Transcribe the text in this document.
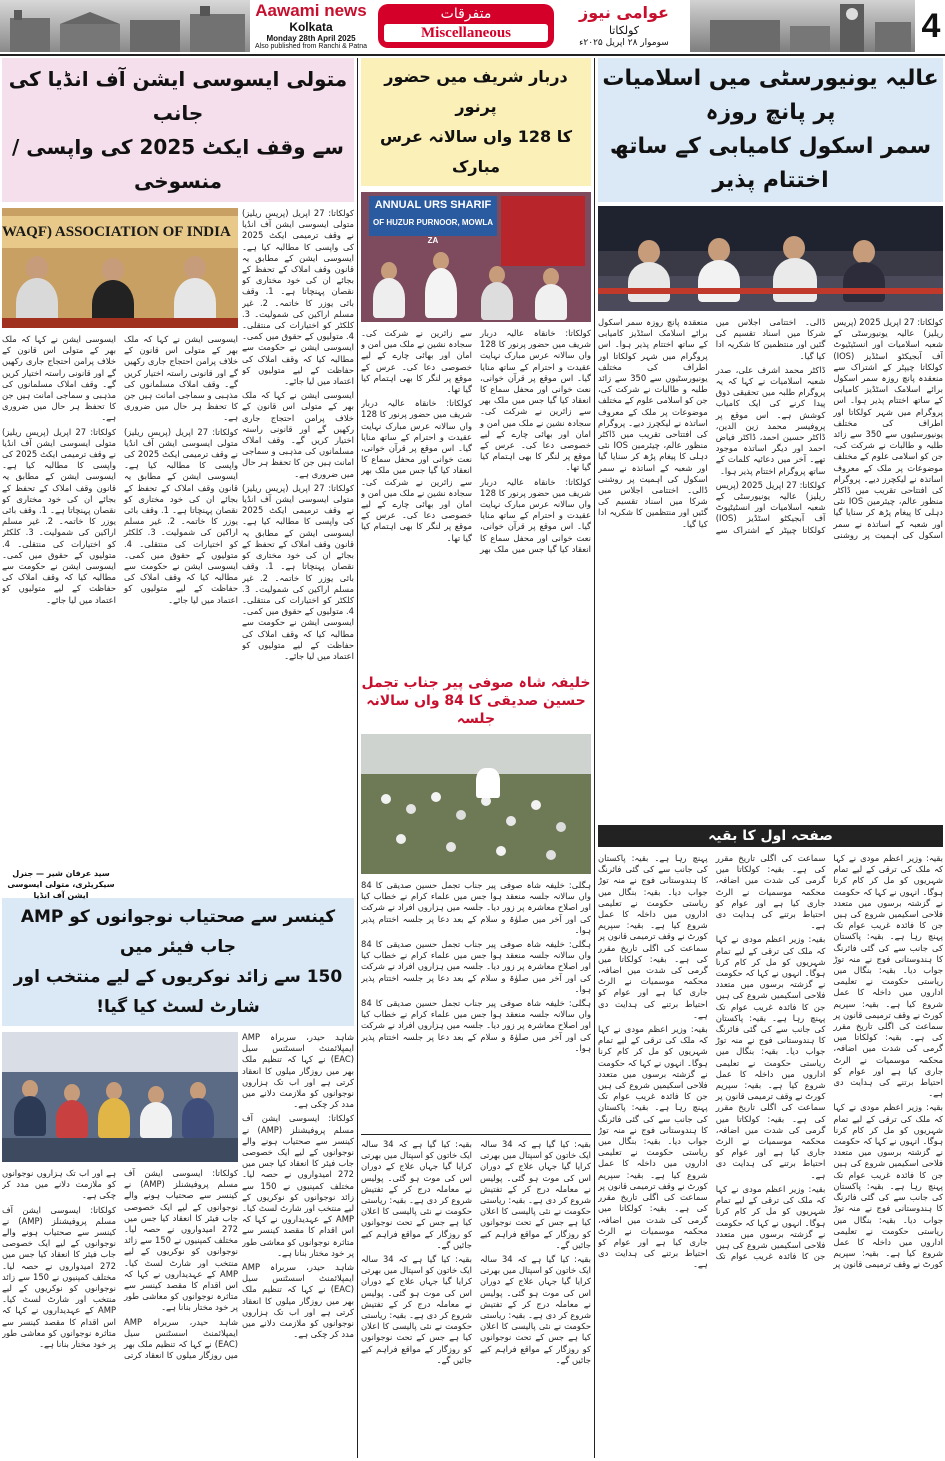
Aawami news
Kolkata
Monday 28th April 2025
Also published from Ranchi & Patna
متفرقات
Miscellaneous
عوامی نیوز
کولکاتا
سوموار ۲۸ اپریل ۲۰۲۵ء	4
عالیہ یونیورسٹی میں اسلامیات پر پانچ روزہ
سمر اسکول کامیابی کے ساتھ اختتام پذیر

کولکاتا: 27 اپریل 2025 (پریس ریلیز) عالیہ یونیورسٹی کے شعبہ اسلامیات اور انسٹیٹیوٹ آف آبجیکٹو اسٹڈیز (IOS) کولکاتا چیپٹر کے اشتراک سے منعقدہ پانچ روزہ سمر اسکول برائے اسلامک اسٹڈیز کامیابی کے ساتھ اختتام پذیر ہوا۔ اس پروگرام میں شہر کولکاتا اور اطراف کی مختلف یونیورسٹیوں سے 350 سے زائد طلبہ و طالبات نے شرکت کی، جن کو اسلامی علوم کے مختلف موضوعات پر ملک کے معروف اساتذہ نے لیکچرز دیے۔ پروگرام کی افتتاحی تقریب میں ڈاکٹر منظور عالم، چیئرمین IOS نئی دہلی کا پیغام پڑھ کر سنایا گیا اور شعبہ کے اساتذہ نے سمر اسکول کی اہمیت پر روشنی ڈالی۔ اختتامی اجلاس میں شرکا میں اسناد تقسیم کی گئیں اور منتظمین کا شکریہ ادا کیا گیا۔

ڈاکٹر محمد اشرف علی، صدر شعبہ اسلامیات نے کہا کہ یہ پروگرام طلبہ میں تحقیقی ذوق پیدا کرنے کی ایک کامیاب کوشش ہے۔ اس موقع پر پروفیسر محمد زین الدین، ڈاکٹر حسین احمد، ڈاکٹر فیاض احمد اور دیگر اساتذہ موجود تھے۔ آخر میں دعائیہ کلمات کے ساتھ پروگرام اختتام پذیر ہوا۔

کولکاتا: 27 اپریل 2025 (پریس ریلیز) عالیہ یونیورسٹی کے شعبہ اسلامیات اور انسٹیٹیوٹ آف آبجیکٹو اسٹڈیز (IOS) کولکاتا چیپٹر کے اشتراک سے منعقدہ پانچ روزہ سمر اسکول برائے اسلامک اسٹڈیز کامیابی کے ساتھ اختتام پذیر ہوا۔ اس پروگرام میں شہر کولکاتا اور اطراف کی مختلف یونیورسٹیوں سے 350 سے زائد طلبہ و طالبات نے شرکت کی، جن کو اسلامی علوم کے مختلف موضوعات پر ملک کے معروف اساتذہ نے لیکچرز دیے۔ پروگرام کی افتتاحی تقریب میں ڈاکٹر منظور عالم، چیئرمین IOS نئی دہلی کا پیغام پڑھ کر سنایا گیا اور شعبہ کے اساتذہ نے سمر اسکول کی اہمیت پر روشنی ڈالی۔ اختتامی اجلاس میں شرکا میں اسناد تقسیم کی گئیں اور منتظمین کا شکریہ ادا کیا گیا۔

صفحہ اول کا بقیہ

بقیہ: وزیر اعظم مودی نے کہا کہ ملک کی ترقی کے لیے تمام شہریوں کو مل کر کام کرنا ہوگا۔ انہوں نے کہا کہ حکومت نے گزشتہ برسوں میں متعدد فلاحی اسکیمیں شروع کی ہیں جن کا فائدہ غریب عوام تک پہنچ رہا ہے۔ بقیہ: پاکستان کی جانب سے کی گئی فائرنگ کا ہندوستانی فوج نے منہ توڑ جواب دیا۔ بقیہ: بنگال میں ریاستی حکومت نے تعلیمی اداروں میں داخلہ کا عمل شروع کیا ہے۔ بقیہ: سپریم کورٹ نے وقف ترمیمی قانون پر سماعت کی اگلی تاریخ مقرر کی ہے۔ بقیہ: کولکاتا میں گرمی کی شدت میں اضافہ، محکمہ موسمیات نے الرٹ جاری کیا ہے اور عوام کو احتیاط برتنے کی ہدایت دی ہے۔

بقیہ: وزیر اعظم مودی نے کہا کہ ملک کی ترقی کے لیے تمام شہریوں کو مل کر کام کرنا ہوگا۔ انہوں نے کہا کہ حکومت نے گزشتہ برسوں میں متعدد فلاحی اسکیمیں شروع کی ہیں جن کا فائدہ غریب عوام تک پہنچ رہا ہے۔ بقیہ: پاکستان کی جانب سے کی گئی فائرنگ کا ہندوستانی فوج نے منہ توڑ جواب دیا۔ بقیہ: بنگال میں ریاستی حکومت نے تعلیمی اداروں میں داخلہ کا عمل شروع کیا ہے۔ بقیہ: سپریم کورٹ نے وقف ترمیمی قانون پر سماعت کی اگلی تاریخ مقرر کی ہے۔ بقیہ: کولکاتا میں گرمی کی شدت میں اضافہ، محکمہ موسمیات نے الرٹ جاری کیا ہے اور عوام کو احتیاط برتنے کی ہدایت دی ہے۔

بقیہ: وزیر اعظم مودی نے کہا کہ ملک کی ترقی کے لیے تمام شہریوں کو مل کر کام کرنا ہوگا۔ انہوں نے کہا کہ حکومت نے گزشتہ برسوں میں متعدد فلاحی اسکیمیں شروع کی ہیں جن کا فائدہ غریب عوام تک پہنچ رہا ہے۔ بقیہ: پاکستان کی جانب سے کی گئی فائرنگ کا ہندوستانی فوج نے منہ توڑ جواب دیا۔ بقیہ: بنگال میں ریاستی حکومت نے تعلیمی اداروں میں داخلہ کا عمل شروع کیا ہے۔ بقیہ: سپریم کورٹ نے وقف ترمیمی قانون پر سماعت کی اگلی تاریخ مقرر کی ہے۔ بقیہ: کولکاتا میں گرمی کی شدت میں اضافہ، محکمہ موسمیات نے الرٹ جاری کیا ہے اور عوام کو احتیاط برتنے کی ہدایت دی ہے۔

بقیہ: وزیر اعظم مودی نے کہا کہ ملک کی ترقی کے لیے تمام شہریوں کو مل کر کام کرنا ہوگا۔ انہوں نے کہا کہ حکومت نے گزشتہ برسوں میں متعدد فلاحی اسکیمیں شروع کی ہیں جن کا فائدہ غریب عوام تک پہنچ رہا ہے۔ بقیہ: پاکستان کی جانب سے کی گئی فائرنگ کا ہندوستانی فوج نے منہ توڑ جواب دیا۔ بقیہ: بنگال میں ریاستی حکومت نے تعلیمی اداروں میں داخلہ کا عمل شروع کیا ہے۔ بقیہ: سپریم کورٹ نے وقف ترمیمی قانون پر سماعت کی اگلی تاریخ مقرر کی ہے۔ بقیہ: کولکاتا میں گرمی کی شدت میں اضافہ، محکمہ موسمیات نے الرٹ جاری کیا ہے اور عوام کو احتیاط برتنے کی ہدایت دی ہے۔

بقیہ: وزیر اعظم مودی نے کہا کہ ملک کی ترقی کے لیے تمام شہریوں کو مل کر کام کرنا ہوگا۔ انہوں نے کہا کہ حکومت نے گزشتہ برسوں میں متعدد فلاحی اسکیمیں شروع کی ہیں جن کا فائدہ غریب عوام تک پہنچ رہا ہے۔ بقیہ: پاکستان کی جانب سے کی گئی فائرنگ کا ہندوستانی فوج نے منہ توڑ جواب دیا۔ بقیہ: بنگال میں ریاستی حکومت نے تعلیمی اداروں میں داخلہ کا عمل شروع کیا ہے۔ بقیہ: سپریم کورٹ نے وقف ترمیمی قانون پر سماعت کی اگلی تاریخ مقرر کی ہے۔ بقیہ: کولکاتا میں گرمی کی شدت میں اضافہ، محکمہ موسمیات نے الرٹ جاری کیا ہے اور عوام کو احتیاط برتنے کی ہدایت دی ہے۔

دربار شریف میں حضور پرنور
کا 128 واں سالانہ عرس مبارک
ANNUAL URS SHARIF
OF HUZUR PURNOOR, MOWLA ZA

کولکاتا: خانقاہ عالیہ دربار شریف میں حضور پرنور کا 128 واں سالانہ عرس مبارک نہایت عقیدت و احترام کے ساتھ منایا گیا۔ اس موقع پر قرآن خوانی، نعت خوانی اور محفل سماع کا انعقاد کیا گیا جس میں ملک بھر سے زائرین نے شرکت کی۔ سجادہ نشین نے ملک میں امن و امان اور بھائی چارے کے لیے خصوصی دعا کی۔ عرس کے موقع پر لنگر کا بھی اہتمام کیا گیا تھا۔

کولکاتا: خانقاہ عالیہ دربار شریف میں حضور پرنور کا 128 واں سالانہ عرس مبارک نہایت عقیدت و احترام کے ساتھ منایا گیا۔ اس موقع پر قرآن خوانی، نعت خوانی اور محفل سماع کا انعقاد کیا گیا جس میں ملک بھر سے زائرین نے شرکت کی۔ سجادہ نشین نے ملک میں امن و امان اور بھائی چارے کے لیے خصوصی دعا کی۔ عرس کے موقع پر لنگر کا بھی اہتمام کیا گیا تھا۔

کولکاتا: خانقاہ عالیہ دربار شریف میں حضور پرنور کا 128 واں سالانہ عرس مبارک نہایت عقیدت و احترام کے ساتھ منایا گیا۔ اس موقع پر قرآن خوانی، نعت خوانی اور محفل سماع کا انعقاد کیا گیا جس میں ملک بھر سے زائرین نے شرکت کی۔ سجادہ نشین نے ملک میں امن و امان اور بھائی چارے کے لیے خصوصی دعا کی۔ عرس کے موقع پر لنگر کا بھی اہتمام کیا گیا تھا۔

خلیفہ شاہ صوفی پیر جناب تجمل حسین صدیقی کا 84 واں سالانہ جلسہ

ہگلی: خلیفہ شاہ صوفی پیر جناب تجمل حسین صدیقی کا 84 واں سالانہ جلسہ منعقد ہوا جس میں علماء کرام نے خطاب کیا اور اصلاح معاشرہ پر زور دیا۔ جلسہ میں ہزاروں افراد نے شرکت کی اور آخر میں صلوٰۃ و سلام کے بعد دعا پر جلسہ اختتام پذیر ہوا۔

ہگلی: خلیفہ شاہ صوفی پیر جناب تجمل حسین صدیقی کا 84 واں سالانہ جلسہ منعقد ہوا جس میں علماء کرام نے خطاب کیا اور اصلاح معاشرہ پر زور دیا۔ جلسہ میں ہزاروں افراد نے شرکت کی اور آخر میں صلوٰۃ و سلام کے بعد دعا پر جلسہ اختتام پذیر ہوا۔

ہگلی: خلیفہ شاہ صوفی پیر جناب تجمل حسین صدیقی کا 84 واں سالانہ جلسہ منعقد ہوا جس میں علماء کرام نے خطاب کیا اور اصلاح معاشرہ پر زور دیا۔ جلسہ میں ہزاروں افراد نے شرکت کی اور آخر میں صلوٰۃ و سلام کے بعد دعا پر جلسہ اختتام پذیر ہوا۔

بقیہ: کیا گیا ہے کہ 34 سالہ ایک خاتون کو اسپتال میں بھرتی کرایا گیا جہاں علاج کے دوران اس کی موت ہو گئی۔ پولیس نے معاملہ درج کر کے تفتیش شروع کر دی ہے۔ بقیہ: ریاستی حکومت نے نئی پالیسی کا اعلان کیا ہے جس کے تحت نوجوانوں کو روزگار کے مواقع فراہم کیے جائیں گے۔

بقیہ: کیا گیا ہے کہ 34 سالہ ایک خاتون کو اسپتال میں بھرتی کرایا گیا جہاں علاج کے دوران اس کی موت ہو گئی۔ پولیس نے معاملہ درج کر کے تفتیش شروع کر دی ہے۔ بقیہ: ریاستی حکومت نے نئی پالیسی کا اعلان کیا ہے جس کے تحت نوجوانوں کو روزگار کے مواقع فراہم کیے جائیں گے۔

بقیہ: کیا گیا ہے کہ 34 سالہ ایک خاتون کو اسپتال میں بھرتی کرایا گیا جہاں علاج کے دوران اس کی موت ہو گئی۔ پولیس نے معاملہ درج کر کے تفتیش شروع کر دی ہے۔ بقیہ: ریاستی حکومت نے نئی پالیسی کا اعلان کیا ہے جس کے تحت نوجوانوں کو روزگار کے مواقع فراہم کیے جائیں گے۔

بقیہ: کیا گیا ہے کہ 34 سالہ ایک خاتون کو اسپتال میں بھرتی کرایا گیا جہاں علاج کے دوران اس کی موت ہو گئی۔ پولیس نے معاملہ درج کر کے تفتیش شروع کر دی ہے۔ بقیہ: ریاستی حکومت نے نئی پالیسی کا اعلان کیا ہے جس کے تحت نوجوانوں کو روزگار کے مواقع فراہم کیے جائیں گے۔

متولی ایسوسی ایشن آف انڈیا کی جانب
سے وقف ایکٹ 2025 کی واپسی / منسوخی
WAQF) ASSOCIATION OF INDIA

کولکاتا: 27 اپریل (پریس ریلیز) متولی ایسوسی ایشن آف انڈیا نے وقف ترمیمی ایکٹ 2025 کی واپسی کا مطالبہ کیا ہے۔ ایسوسی ایشن کے مطابق یہ قانون وقف املاک کے تحفظ کے بجائے ان کی خود مختاری کو نقصان پہنچاتا ہے۔ 1. وقف بائی یوزر کا خاتمہ۔ 2. غیر مسلم اراکین کی شمولیت۔ 3. کلکٹر کو اختیارات کی منتقلی۔ 4. متولیوں کے حقوق میں کمی۔ ایسوسی ایشن نے حکومت سے مطالبہ کیا کہ وقف املاک کی حفاظت کے لیے متولیوں کو اعتماد میں لیا جائے۔

ایسوسی ایشن نے کہا کہ ملک بھر کے متولی اس قانون کے خلاف پرامن احتجاج جاری رکھیں گے اور قانونی راستہ اختیار کریں گے۔ وقف املاک مسلمانوں کی مذہبی و سماجی امانت ہیں جن کا تحفظ ہر حال میں ضروری ہے۔

کولکاتا: 27 اپریل (پریس ریلیز) متولی ایسوسی ایشن آف انڈیا نے وقف ترمیمی ایکٹ 2025 کی واپسی کا مطالبہ کیا ہے۔ ایسوسی ایشن کے مطابق یہ قانون وقف املاک کے تحفظ کے بجائے ان کی خود مختاری کو نقصان پہنچاتا ہے۔ 1. وقف بائی یوزر کا خاتمہ۔ 2. غیر مسلم اراکین کی شمولیت۔ 3. کلکٹر کو اختیارات کی منتقلی۔ 4. متولیوں کے حقوق میں کمی۔ ایسوسی ایشن نے حکومت سے مطالبہ کیا کہ وقف املاک کی حفاظت کے لیے متولیوں کو اعتماد میں لیا جائے۔

ایسوسی ایشن نے کہا کہ ملک بھر کے متولی اس قانون کے خلاف پرامن احتجاج جاری رکھیں گے اور قانونی راستہ اختیار کریں گے۔ وقف املاک مسلمانوں کی مذہبی و سماجی امانت ہیں جن کا تحفظ ہر حال میں ضروری ہے۔

کولکاتا: 27 اپریل (پریس ریلیز) متولی ایسوسی ایشن آف انڈیا نے وقف ترمیمی ایکٹ 2025 کی واپسی کا مطالبہ کیا ہے۔ ایسوسی ایشن کے مطابق یہ قانون وقف املاک کے تحفظ کے بجائے ان کی خود مختاری کو نقصان پہنچاتا ہے۔ 1. وقف بائی یوزر کا خاتمہ۔ 2. غیر مسلم اراکین کی شمولیت۔ 3. کلکٹر کو اختیارات کی منتقلی۔ 4. متولیوں کے حقوق میں کمی۔ ایسوسی ایشن نے حکومت سے مطالبہ کیا کہ وقف املاک کی حفاظت کے لیے متولیوں کو اعتماد میں لیا جائے۔

ایسوسی ایشن نے کہا کہ ملک بھر کے متولی اس قانون کے خلاف پرامن احتجاج جاری رکھیں گے اور قانونی راستہ اختیار کریں گے۔ وقف املاک مسلمانوں کی مذہبی و سماجی امانت ہیں جن کا تحفظ ہر حال میں ضروری ہے۔

کولکاتا: 27 اپریل (پریس ریلیز) متولی ایسوسی ایشن آف انڈیا نے وقف ترمیمی ایکٹ 2025 کی واپسی کا مطالبہ کیا ہے۔ ایسوسی ایشن کے مطابق یہ قانون وقف املاک کے تحفظ کے بجائے ان کی خود مختاری کو نقصان پہنچاتا ہے۔ 1. وقف بائی یوزر کا خاتمہ۔ 2. غیر مسلم اراکین کی شمولیت۔ 3. کلکٹر کو اختیارات کی منتقلی۔ 4. متولیوں کے حقوق میں کمی۔ ایسوسی ایشن نے حکومت سے مطالبہ کیا کہ وقف املاک کی حفاظت کے لیے متولیوں کو اعتماد میں لیا جائے۔

سید عرفان شیر — جنرل سیکریٹری، متولی ایسوسی ایشن آف انڈیا
کینسر سے صحتیاب نوجوانوں کو AMP جاب فیئر میں
150 سے زائد نوکریوں کے لیے منتخب اور شارٹ لسٹ کیا گیا!

شاہد حیدر، سربراہ AMP ایمپلائمنٹ اسسٹنس سیل (EAC) نے کہا کہ تنظیم ملک بھر میں روزگار میلوں کا انعقاد کرتی ہے اور اب تک ہزاروں نوجوانوں کو ملازمت دلانے میں مدد کر چکی ہے۔

کولکاتا: ایسوسی ایشن آف مسلم پروفیشنلز (AMP) نے کینسر سے صحتیاب ہونے والے نوجوانوں کے لیے ایک خصوصی جاب فیئر کا انعقاد کیا جس میں 272 امیدواروں نے حصہ لیا۔ مختلف کمپنیوں نے 150 سے زائد نوجوانوں کو نوکریوں کے لیے منتخب اور شارٹ لسٹ کیا۔ AMP کے عہدیداروں نے کہا کہ اس اقدام کا مقصد کینسر سے متاثرہ نوجوانوں کو معاشی طور پر خود مختار بنانا ہے۔

شاہد حیدر، سربراہ AMP ایمپلائمنٹ اسسٹنس سیل (EAC) نے کہا کہ تنظیم ملک بھر میں روزگار میلوں کا انعقاد کرتی ہے اور اب تک ہزاروں نوجوانوں کو ملازمت دلانے میں مدد کر چکی ہے۔

کولکاتا: ایسوسی ایشن آف مسلم پروفیشنلز (AMP) نے کینسر سے صحتیاب ہونے والے نوجوانوں کے لیے ایک خصوصی جاب فیئر کا انعقاد کیا جس میں 272 امیدواروں نے حصہ لیا۔ مختلف کمپنیوں نے 150 سے زائد نوجوانوں کو نوکریوں کے لیے منتخب اور شارٹ لسٹ کیا۔ AMP کے عہدیداروں نے کہا کہ اس اقدام کا مقصد کینسر سے متاثرہ نوجوانوں کو معاشی طور پر خود مختار بنانا ہے۔

شاہد حیدر، سربراہ AMP ایمپلائمنٹ اسسٹنس سیل (EAC) نے کہا کہ تنظیم ملک بھر میں روزگار میلوں کا انعقاد کرتی ہے اور اب تک ہزاروں نوجوانوں کو ملازمت دلانے میں مدد کر چکی ہے۔

کولکاتا: ایسوسی ایشن آف مسلم پروفیشنلز (AMP) نے کینسر سے صحتیاب ہونے والے نوجوانوں کے لیے ایک خصوصی جاب فیئر کا انعقاد کیا جس میں 272 امیدواروں نے حصہ لیا۔ مختلف کمپنیوں نے 150 سے زائد نوجوانوں کو نوکریوں کے لیے منتخب اور شارٹ لسٹ کیا۔ AMP کے عہدیداروں نے کہا کہ اس اقدام کا مقصد کینسر سے متاثرہ نوجوانوں کو معاشی طور پر خود مختار بنانا ہے۔
